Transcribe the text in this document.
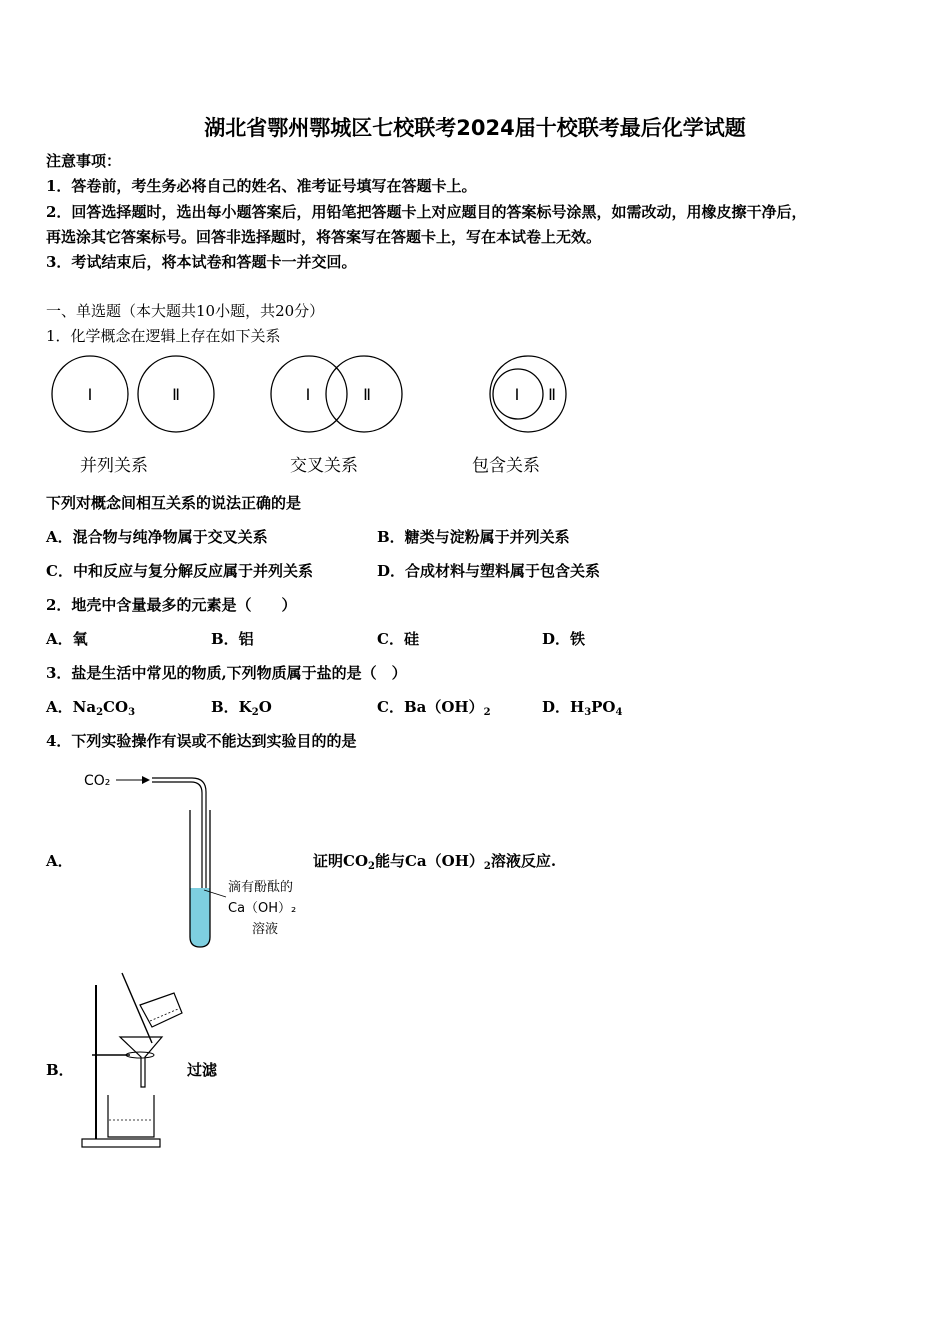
湖北省鄂州鄂城区七校联考2024届十校联考最后化学试题
注意事项：
1．答卷前，考生务必将自己的姓名、准考证号填写在答题卡上。
2．回答选择题时，选出每小题答案后，用铅笔把答题卡上对应题目的答案标号涂黑，如需改动，用橡皮擦干净后，
再选涂其它答案标号。回答非选择题时，将答案写在答题卡上，写在本试卷上无效。
3．考试结束后，将本试卷和答题卡一并交回。
一、单选题（本大题共10小题，共20分）
1．化学概念在逻辑上存在如下关系
Ⅰ	Ⅱ	Ⅰ	Ⅱ	Ⅰ Ⅱ
并列关系	交叉关系	包含关系
下列对概念间相互关系的说法正确的是
A．混合物与纯净物属于交叉关系	B．糖类与淀粉属于并列关系
C．中和反应与复分解反应属于并列关系	D．合成材料与塑料属于包含关系
2．地壳中含量最多的元素是（　　）
A．氧	B．铝	C．硅	D．铁
3．盐是生活中常见的物质,下列物质属于盐的是（　）
A．$Na_2CO_3$	B．$K_2O$	C．$Ba(OH)_2$	D．$H_3PO_4$
4．下列实验操作有误或不能达到实验目的的是
CO₂
滴有酚酞的
Ca（OH）₂
溶液
A．	证明$CO_2$能与$Ca(OH)_2$溶液反应.
B．	过滤
